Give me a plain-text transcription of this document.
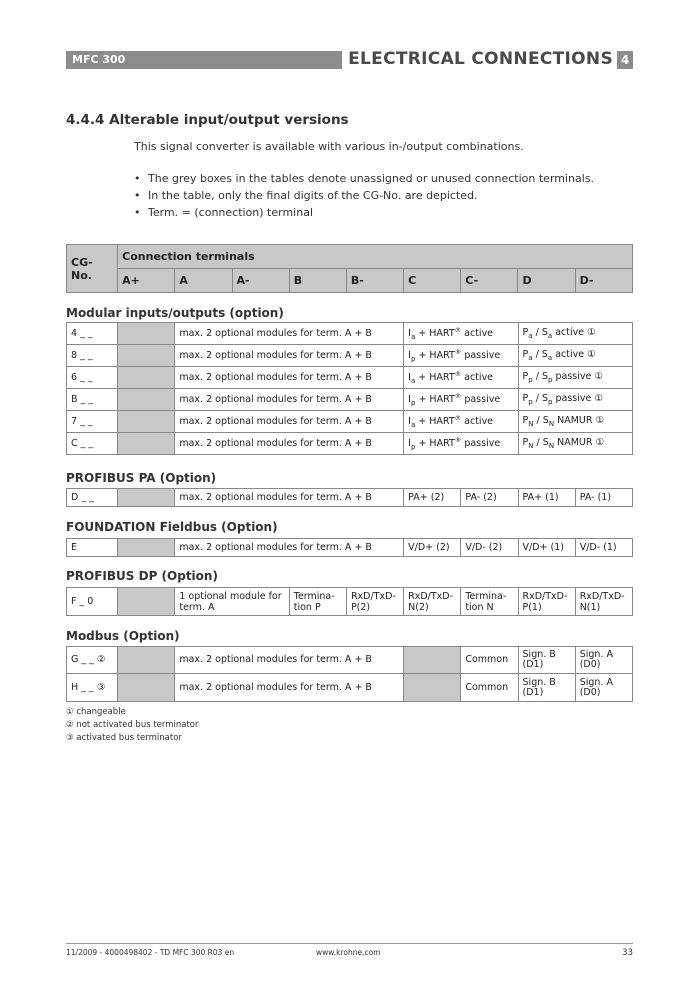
MFC 300	ELECTRICAL CONNECTIONS 4
4.4.4 Alterable input/output versions
This signal converter is available with various in-/output combinations.
• The grey boxes in the tables denote unassigned or unused connection terminals.
• In the table, only the final digits of the CG-No. are depicted.
• Term. = (connection) terminal
CG-No.	Connection terminals								
	A+	A	A-	B	B-	C	C-	D	D-
Modular inputs/outputs (option)
4 _ _		max. 2 optional modules for term. A + B	$I_a$ + HART® active	$P_a / S_a$ active ①
8 _ _		max. 2 optional modules for term. A + B	$I_p$ + HART® passive	$P_a / S_a$ active ①
6 _ _		max. 2 optional modules for term. A + B	$I_a$ + HART® active	$P_p / S_p$ passive ①
B _ _		max. 2 optional modules for term. A + B	$I_p$ + HART® passive	$P_p / S_p$ passive ①
7 _ _		max. 2 optional modules for term. A + B	$I_a$ + HART® active	$P_N / S_N$ NAMUR ①
C _ _		max. 2 optional modules for term. A + B	$I_p$ + HART® passive	$P_N / S_N$ NAMUR ①
PROFIBUS PA (Option)
D _ _		max. 2 optional modules for term. A + B	PA+ (2)	PA- (2)	PA+ (1)	PA- (1)
FOUNDATION Fieldbus (Option)
E		max. 2 optional modules for term. A + B	V/D+ (2)	V/D- (2)	V/D+ (1)	V/D- (1)
PROFIBUS DP (Option)
F _ 0		1 optional module for term. A	Termina-tion P	RxD/TxD-P(2)	RxD/TxD-N(2)	Termina-tion N	RxD/TxD-P(1)	RxD/TxD-N(1)
Modbus (Option)
G _ _ ②		max. 2 optional modules for term. A + B		Common	Sign. B (D1)	Sign. A (D0)
H _ _ ③		max. 2 optional modules for term. A + B		Common	Sign. B (D1)	Sign. A (D0)
① changeable
② not activated bus terminator
③ activated bus terminator
11/2009 - 4000498402 - TD MFC 300 R03 en	www.krohne.com	33
